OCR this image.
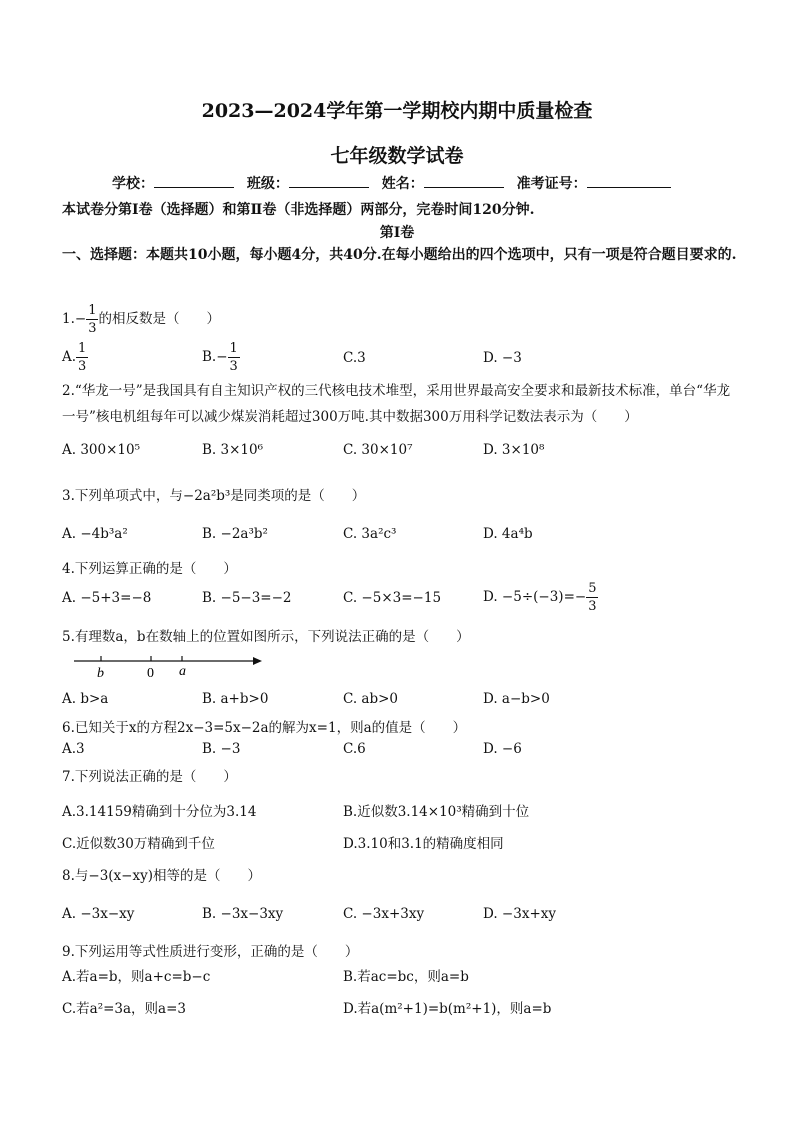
2023—2024学年第一学期校内期中质量检查
七年级数学试卷
学校：	班级：	姓名：	准考证号：
本试卷分第Ⅰ卷（选择题）和第Ⅱ卷（非选择题）两部分，完卷时间120分钟.
第Ⅰ卷
一、选择题：本题共10小题，每小题4分，共40分.在每小题给出的四个选项中，只有一项是符合题目要求的.
$1.- \frac{1}{3}$ 的相反数是（　　）
A. $\frac{1}{3}$	$B.- \frac{1}{3}$	C.3	D. −3
2.“华龙一号”是我国具有自主知识产权的三代核电技术堆型，采用世界最高安全要求和最新技术标准，单台“华龙一号”核电机组每年可以减少煤炭消耗超过300万吨.其中数据300万用科学记数法表示为（　　）
A. 300×10⁵	B. 3×10⁶	C. 30×10⁷	D. 3×10⁸
3.下列单项式中，与−2a²b³是同类项的是（　　）
A. −4b³a²	B. −2a³b²	C. 3a²c³	D. 4a⁴b
4.下列运算正确的是（　　）
A. −5+3=−8	B. −5−3=−2	C. −5×3=−15	D. $-5\div(-3)=- \frac{5}{3}$
5.有理数a，b在数轴上的位置如图所示，下列说法正确的是（　　）
b	0 a
A. b>a	B. a+b>0	C. ab>0	D. a−b>0
6.已知关于x的方程2x−3=5x−2a的解为x=1，则a的值是（　　）
A.3	B. −3	C.6	D. −6
7.下列说法正确的是（　　）
A.3.14159精确到十分位为3.14	B.近似数3.14×10³精确到十位
C.近似数30万精确到千位	D.3.10和3.1的精确度相同
8.与−3(x−xy)相等的是（　　）
A. −3x−xy	B. −3x−3xy	C. −3x+3xy	D. −3x+xy
9.下列运用等式性质进行变形，正确的是（　　）
A.若a=b，则a+c=b−c	B.若ac=bc，则a=b
C.若a²=3a，则a=3	D.若a(m²+1)=b(m²+1)，则a=b
